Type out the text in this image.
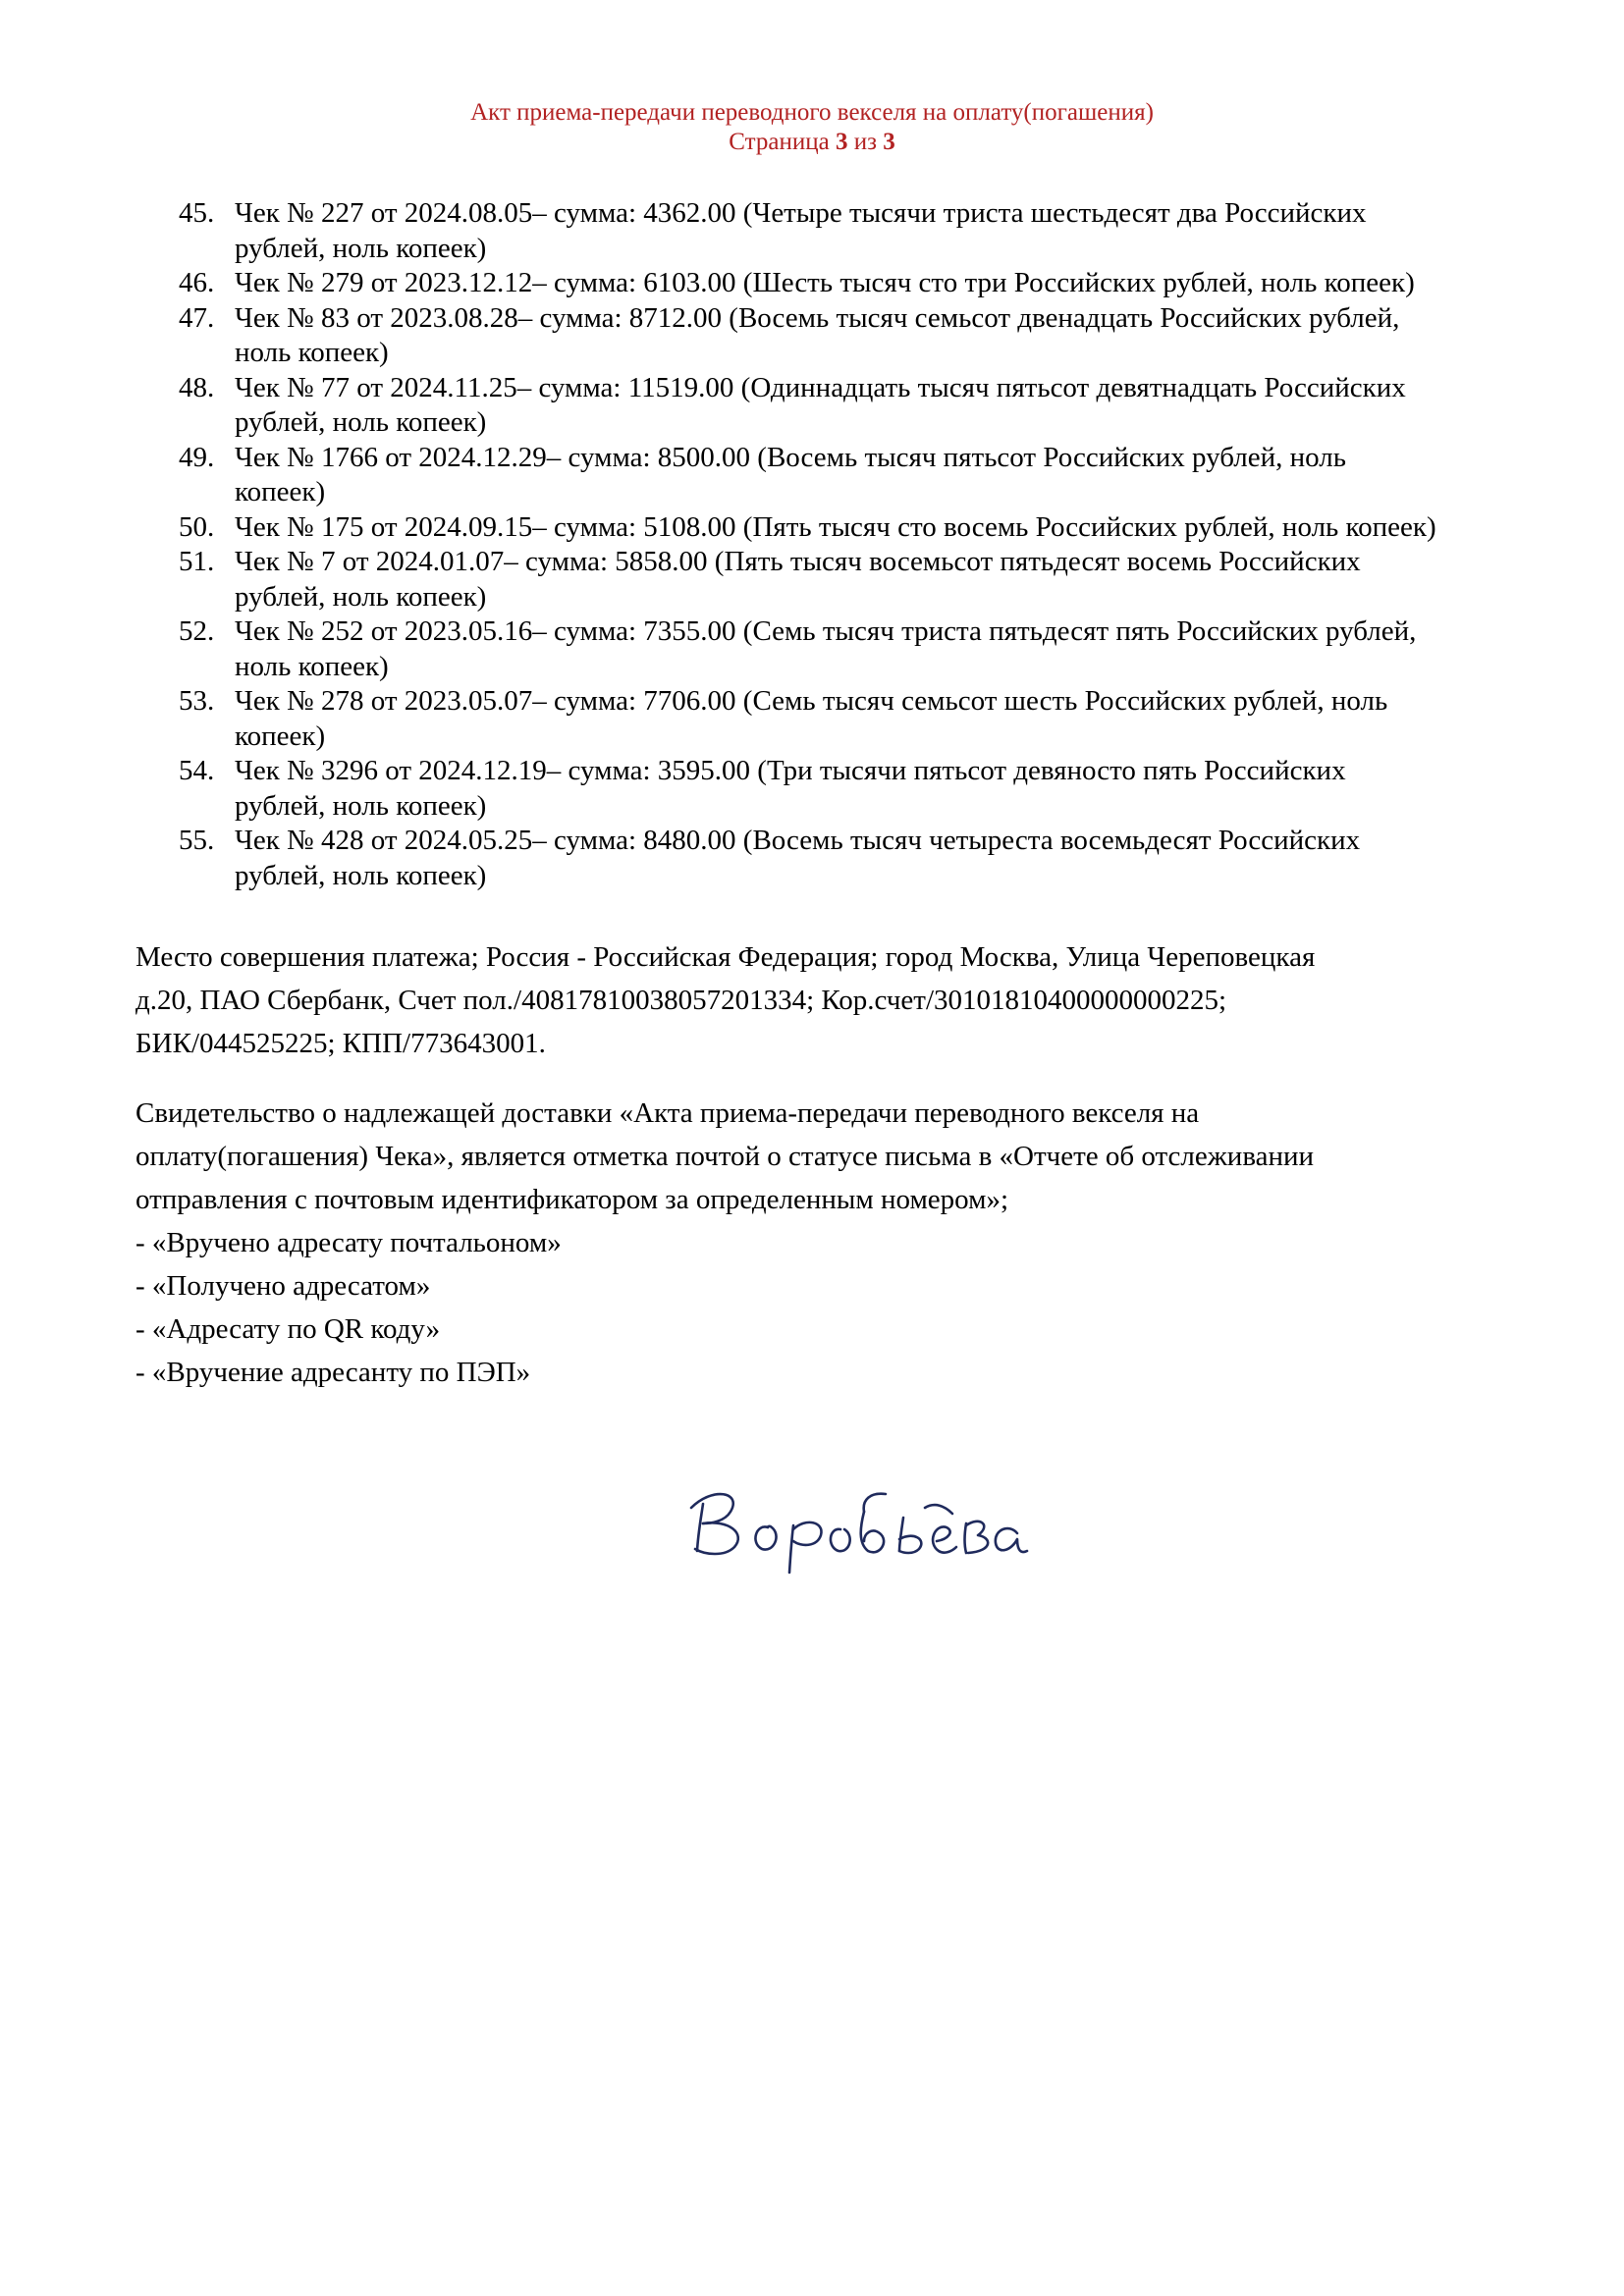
Акт приема-передачи переводного векселя на оплату(погашения)
Страница 3 из 3
45. Чек № 227 от 2024.08.05– сумма: 4362.00 (Четыре тысячи триста шестьдесят два Российских
рублей, ноль копеек)
46. Чек № 279 от 2023.12.12– сумма: 6103.00 (Шесть тысяч сто три Российских рублей, ноль копеек)
47. Чек № 83 от 2023.08.28– сумма: 8712.00 (Восемь тысяч семьсот двенадцать Российских рублей,
ноль копеек)
48. Чек № 77 от 2024.11.25– сумма: 11519.00 (Одиннадцать тысяч пятьсот девятнадцать Российских
рублей, ноль копеек)
49. Чек № 1766 от 2024.12.29– сумма: 8500.00 (Восемь тысяч пятьсот Российских рублей, ноль
копеек)
50. Чек № 175 от 2024.09.15– сумма: 5108.00 (Пять тысяч сто восемь Российских рублей, ноль копеек)
51. Чек № 7 от 2024.01.07– сумма: 5858.00 (Пять тысяч восемьсот пятьдесят восемь Российских
рублей, ноль копеек)
52. Чек № 252 от 2023.05.16– сумма: 7355.00 (Семь тысяч триста пятьдесят пять Российских рублей,
ноль копеек)
53. Чек № 278 от 2023.05.07– сумма: 7706.00 (Семь тысяч семьсот шесть Российских рублей, ноль
копеек)
54. Чек № 3296 от 2024.12.19– сумма: 3595.00 (Три тысячи пятьсот девяносто пять Российских
рублей, ноль копеек)
55. Чек № 428 от 2024.05.25– сумма: 8480.00 (Восемь тысяч четыреста восемьдесят Российских
рублей, ноль копеек)
Место совершения платежа; Россия - Российская Федерация; город Москва, Улица Череповецкая
д.20, ПАО Сбербанк, Счет пол./40817810038057201334; Кор.счет/30101810400000000225;
БИК/044525225; КПП/773643001.
Свидетельство о надлежащей доставки «Акта приема-передачи переводного векселя на
оплату(погашения) Чека», является отметка почтой о статусе письма в «Отчете об отслеживании
отправления с почтовым идентификатором за определенным номером»;
- «Вручено адресату почтальоном»
- «Получено адресатом»
- «Адресату по QR коду»
- «Вручение адресанту по ПЭП»
